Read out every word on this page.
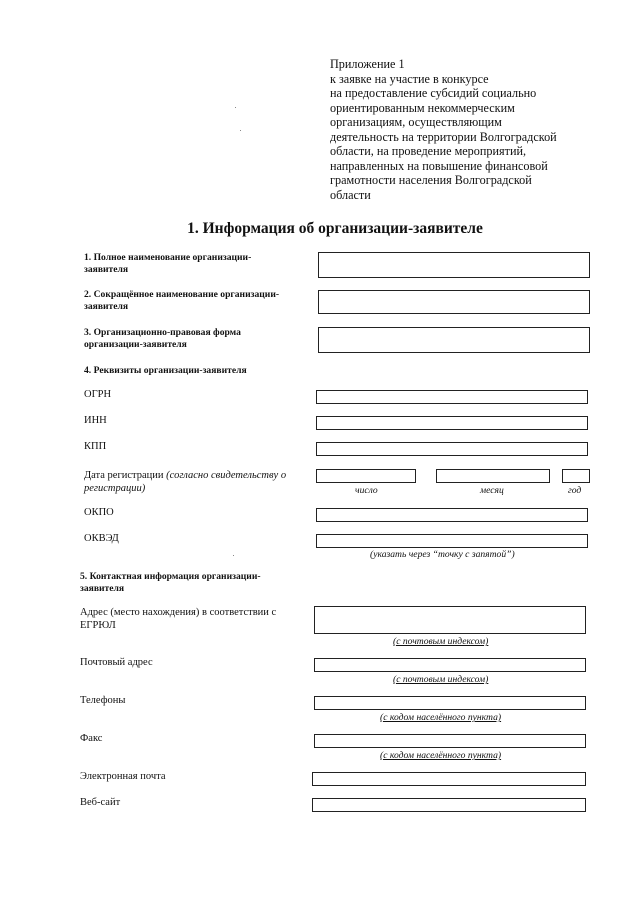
Приложение 1
к заявке на участие в конкурсе
на предоставление субсидий социально
ориентированным некоммерческим
организациям, осуществляющим
деятельность на территории Волгоградской
области, на проведение мероприятий,
направленных на повышение финансовой
грамотности населения Волгоградской
области
1. Информация об организации-заявителе
1. Полное наименование организации-
заявителя
2. Сокращённое наименование организации-
заявителя
3. Организационно-правовая форма
организации-заявителя
4. Реквизиты организации-заявителя
ОГРН
ИНН
КПП
Дата регистрации (согласно свидетельству о
регистрации)	число	месяц	год
ОКПО
ОКВЭД
(указать через “точку с запятой”)
5. Контактная информация организации-
заявителя
Адрес (место нахождения) в соответствии с
ЕГРЮЛ
(с почтовым индексом)
Почтовый адрес
(с почтовым индексом)
Телефоны
(с кодом населённого пункта)
Факс
(с кодом населённого пункта)
Электронная почта
Веб-сайт
